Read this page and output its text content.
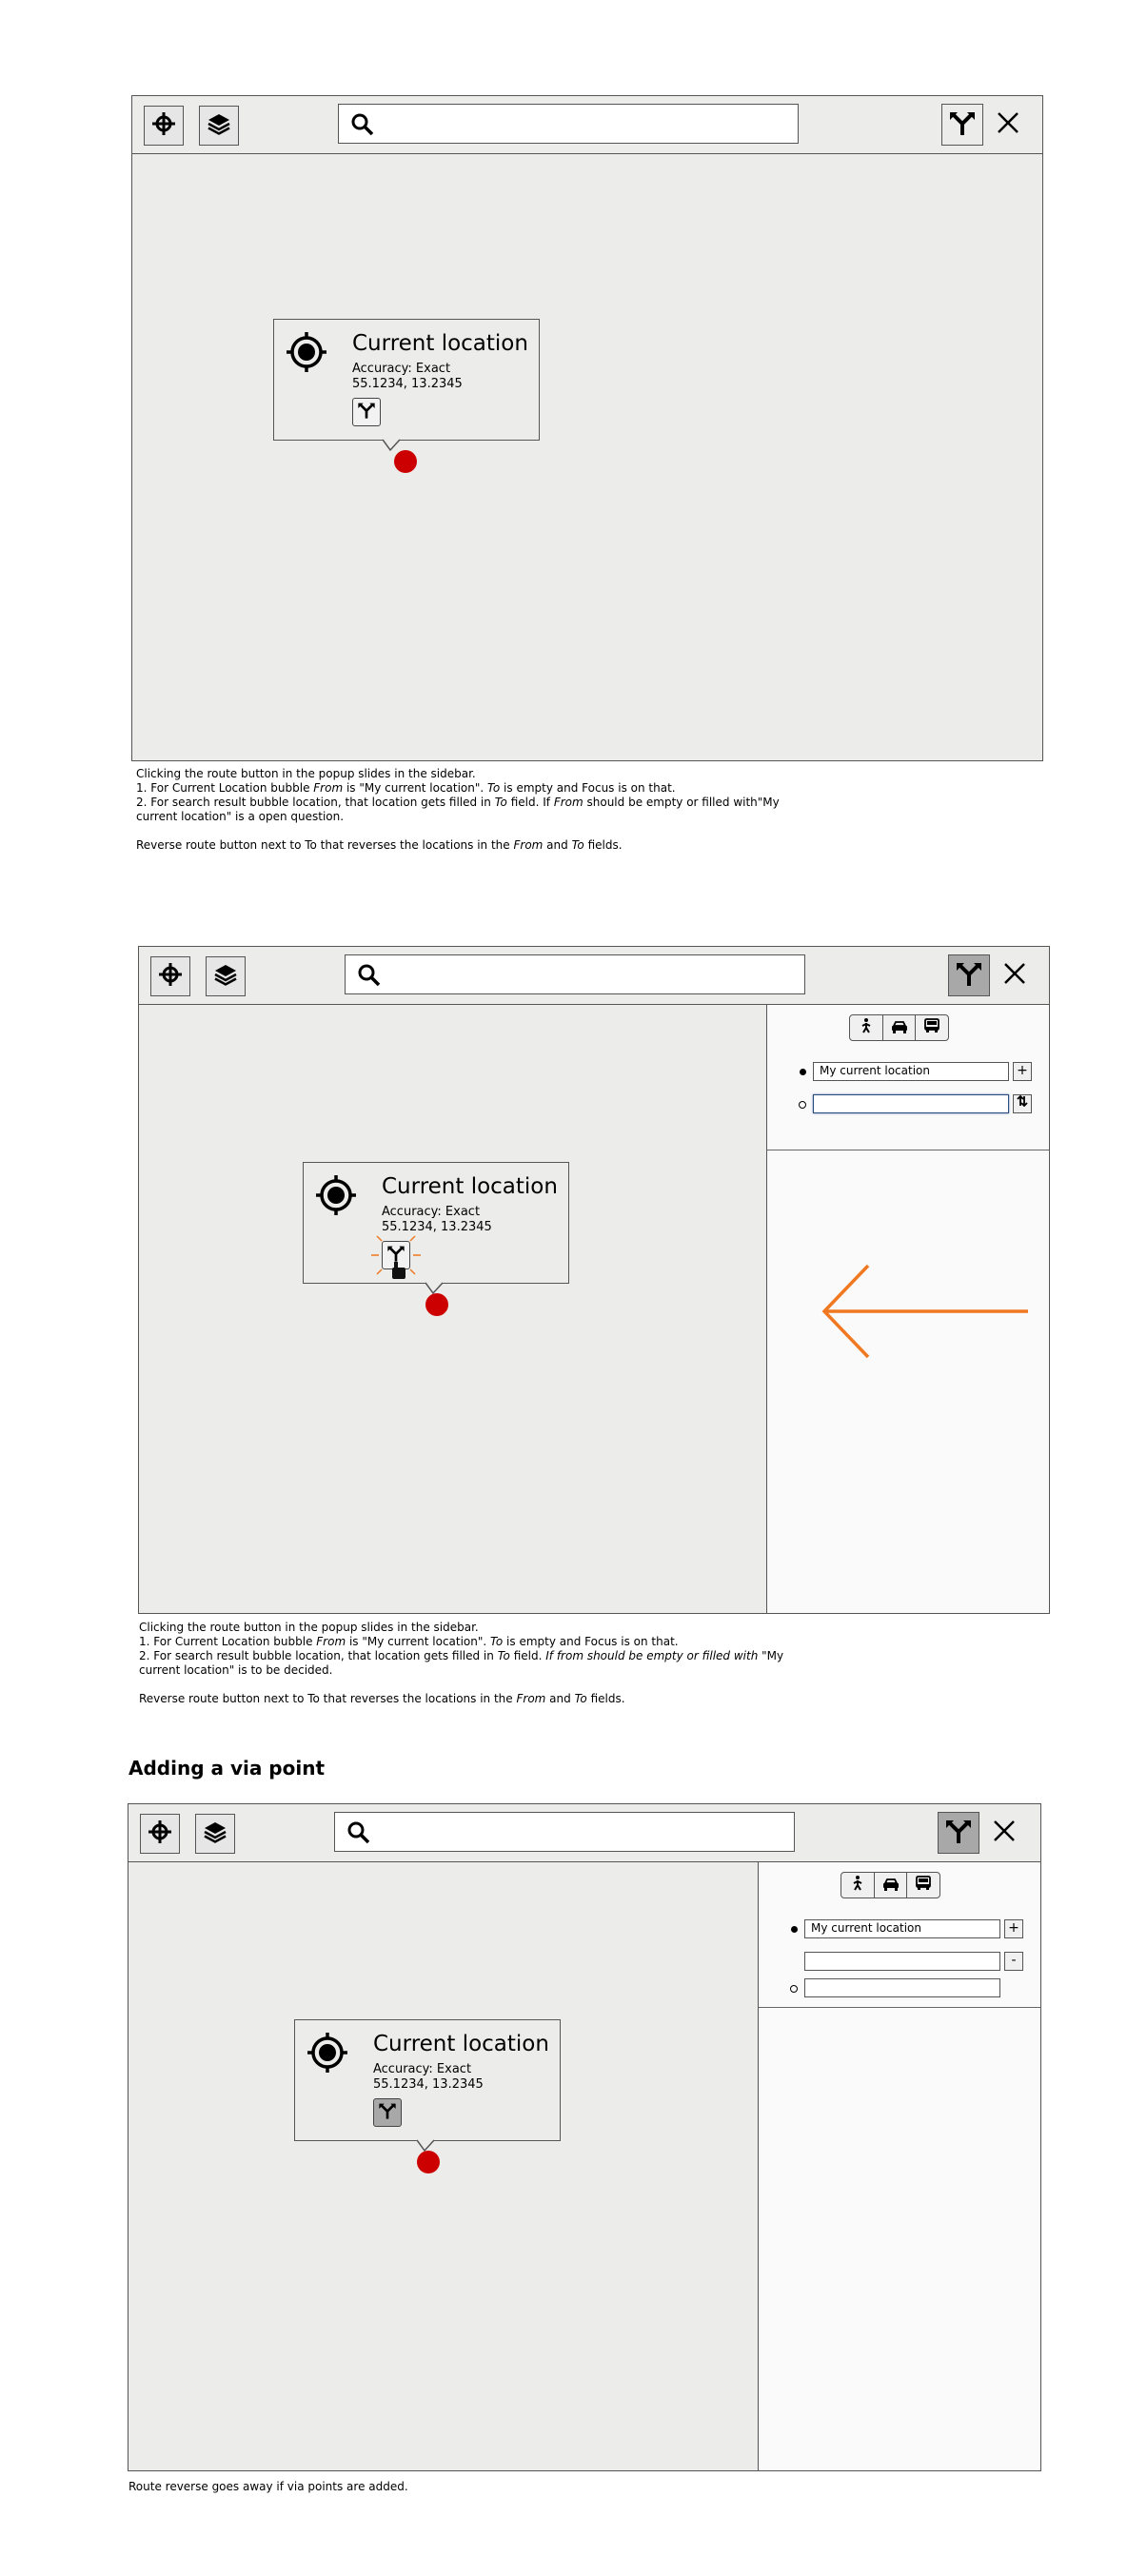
Current location
Accuracy: Exact
55.1234, 13.2345

Clicking the route button in the popup slides in the sidebar.

1. For Current Location bubble From is "My current location". To is empty and Focus is on that.

2. For search result bubble location, that location gets filled in To field. If From should be empty or filled with"My

current location" is a open question.

Reverse route button next to To that reverses the locations in the From and To fields.

Current location
Accuracy: Exact
55.1234, 13.2345
My current location	+

Clicking the route button in the popup slides in the sidebar.

1. For Current Location bubble From is "My current location". To is empty and Focus is on that.

2. For search result bubble location, that location gets filled in To field. If from should be empty or filled with "My

current location" is to be decided.

Reverse route button next to To that reverses the locations in the From and To fields.

Adding a via point
Current location
Accuracy: Exact
55.1234, 13.2345
My current location	+
-
Route reverse goes away if via points are added.
